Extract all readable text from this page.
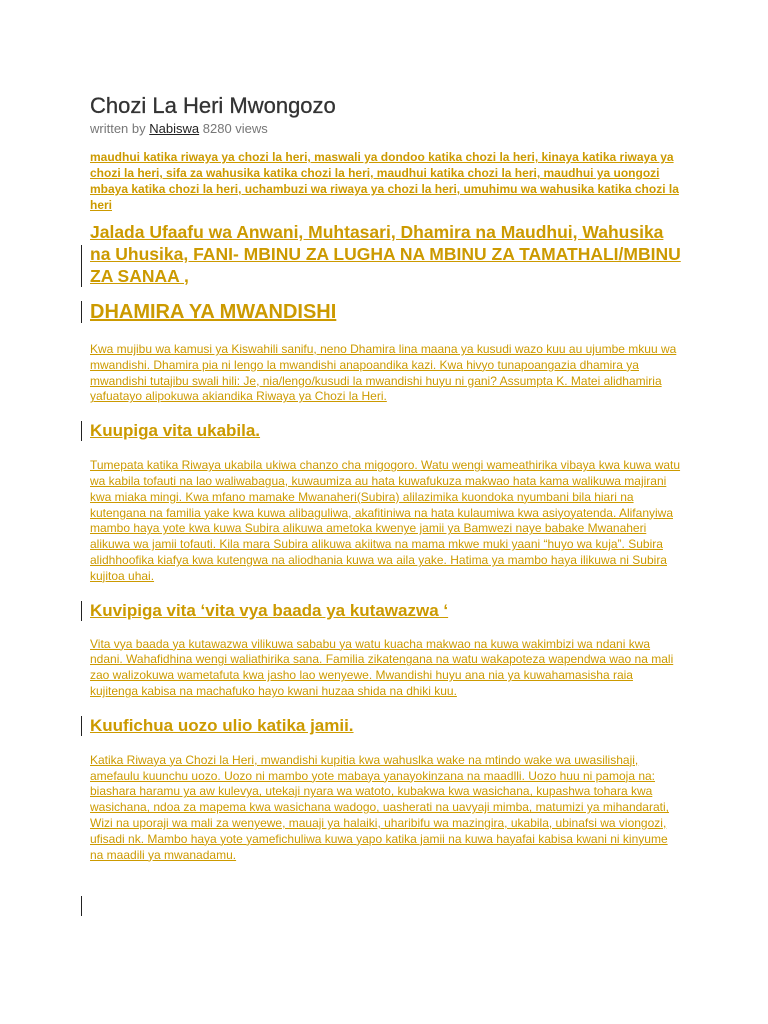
Chozi La Heri Mwongozo
written by Nabiswa 8280 views
maudhui katika riwaya ya chozi la heri, maswali ya dondoo katika chozi la heri, kinaya katika riwaya ya chozi la heri, sifa za wahusika katika chozi la heri, maudhui katika chozi la heri, maudhui ya uongozi mbaya katika chozi la heri, uchambuzi wa riwaya ya chozi la heri, umuhimu wa wahusika katika chozi la heri
Jalada Ufaafu wa Anwani, Muhtasari, Dhamira na Maudhui, Wahusika na Uhusika, FANI- MBINU ZA LUGHA NA MBINU ZA TAMATHALI/MBINU ZA SANAA ,
DHAMIRA YA MWANDISHI
Kwa mujibu wa kamusi ya Kiswahili sanifu, neno Dhamira lina maana ya kusudi wazo kuu au ujumbe mkuu wa mwandishi. Dhamira pia ni lengo la mwandishi anapoandika kazi. Kwa hivyo tunapoangazia dhamira ya mwandishi tutajibu swali hili: Je, nia/lengo/kusudi la mwandishi huyu ni gani? Assumpta K. Matei alidhamiria yafuatayo alipokuwa akiandika Riwaya ya Chozi la Heri.
Kuupiga vita ukabila.
Tumepata katika Riwaya ukabila ukiwa chanzo cha migogoro. Watu wengi wameathirika vibaya kwa kuwa watu wa kabila tofauti na lao waliwabagua, kuwaumiza au hata kuwafukuza makwao hata kama walikuwa majirani kwa miaka mingi. Kwa mfano mamake Mwanaheri(Subira) alilazimika kuondoka nyumbani bila hiari na kutengana na familia yake kwa kuwa alibaguliwa, akafitiniwa na hata kulaumiwa kwa asiyoyatenda. Alifanyiwa mambo haya yote kwa kuwa Subira alikuwa ametoka kwenye jamii ya Bamwezi naye babake Mwanaheri alikuwa wa jamii tofauti. Kila mara Subira alikuwa akiitwa na mama mkwe muki yaani “huyo wa kuja”. Subira alidhhoofika kiafya kwa kutengwa na aliodhania kuwa wa aila yake. Hatima ya mambo haya ilikuwa ni Subira kujitoa uhai.
Kuvipiga vita ‘vita vya baada ya kutawazwa ‘
Vita vya baada ya kutawazwa vilikuwa sababu ya watu kuacha makwao na kuwa wakimbizi wa ndani kwa ndani. Wahafidhina wengi waliathirika sana. Familia zikatengana na watu wakapoteza wapendwa wao na mali zao walizokuwa wametafuta kwa jasho lao wenyewe. Mwandishi huyu ana nia ya kuwahamasisha raia kujitenga kabisa na machafuko hayo kwani huzaa shida na dhiki kuu.
Kuufichua uozo ulio katika jamii.
Katika Riwaya ya Chozi la Heri, mwandishi kupitia kwa wahuslka wake na mtindo wake wa uwasilishaji, amefaulu kuunchu uozo. Uozo ni mambo yote mabaya yanayokinzana na maadlli. Uozo huu ni pamoja na: biashara haramu ya aw kulevya, utekaji nyara wa watoto, kubakwa kwa wasichana, kupashwa tohara kwa wasichana, ndoa za mapema kwa wasichana wadogo, uasherati na uavyaji mimba, matumizi ya mihandarati, Wizi na uporaji wa mali za wenyewe, mauaji ya halaiki, uharibifu wa mazingira, ukabila, ubinafsi wa viongozi, ufisadi nk. Mambo haya yote yamefichuliwa kuwa yapo katika jamii na kuwa hayafai kabisa kwani ni kinyume na maadili ya mwanadamu.
